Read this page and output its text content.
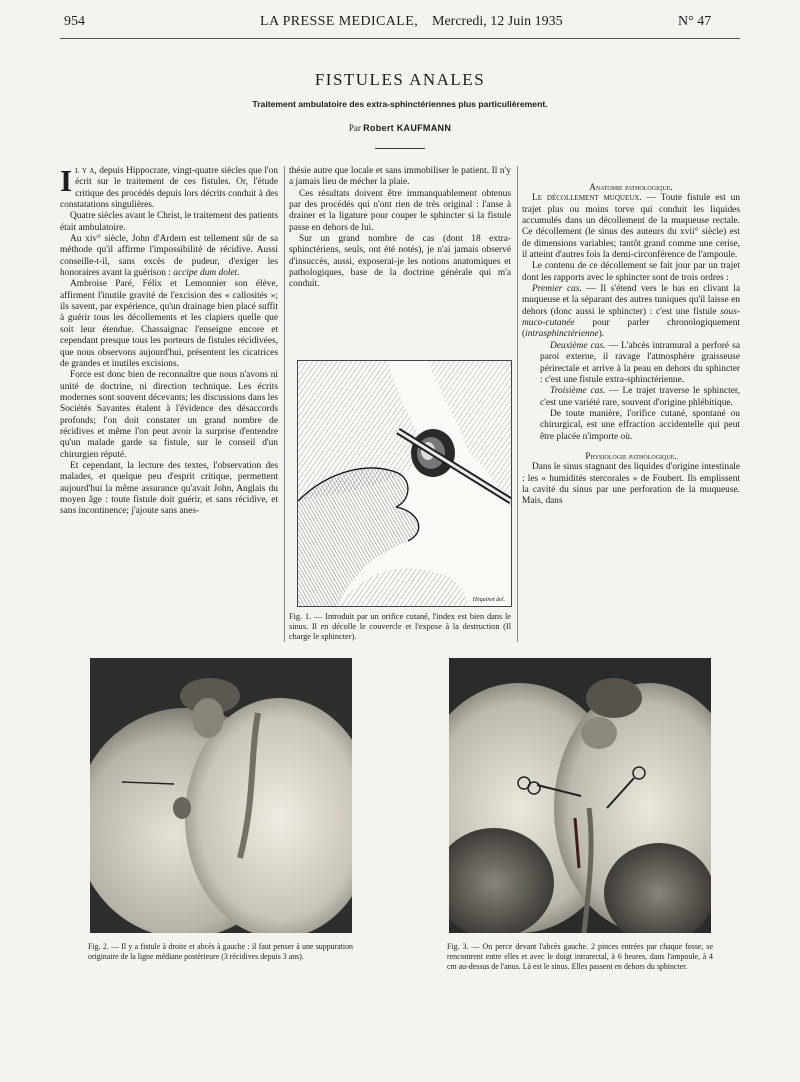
954	LA PRESSE MEDICALE, Mercredi, 12 Juin 1935	N° 47
FISTULES ANALES
Traitement ambulatoire des extra-sphinctériennes plus particulièrement.
Par Robert KAUFMANN

Il y a, depuis Hippocrate, vingt-quatre siècles que l'on écrit sur le traitement de ces fistules. Or, l'étude critique des procédés depuis lors décrits conduit à des constatations singulières.

Quatre siècles avant le Christ, le traitement des patients était ambulatoire.

Au xiv° siècle, John d'Ardern est tellement sûr de sa méthode qu'il affirme l'impossibilité de récidive. Aussi conseille-t-il, sans excès de pudeur, d'exiger les honoraires avant la guérison : accipe dum dolet.

Ambroise Paré, Félix et Lemonnier son élève, affirment l'inutile gravité de l'excision des « callosités »; ils savent, par expérience, qu'un drainage bien placé suffit à guérir tous les décollements et les clapiers quelle que soit leur étendue. Chassaignac l'enseigne encore et cependant presque tous les porteurs de fistules récidivées, que nous observons aujourd'hui, présentent les cicatrices de grandes et inutiles excisions.

Force est donc bien de reconnaître que nous n'avons ni unité de doctrine, ni direction technique. Les écrits modernes sont souvent décevants; les discussions dans les Sociétés Savantes étalent à l'évidence des désaccords profonds; l'on doit constater un grand nombre de récidives et même l'on peut avoir la surprise d'entendre qu'un malade garde sa fistule, sur le conseil d'un chirurgien réputé.

Et cependant, la lecture des textes, l'observation des malades, et quelque peu d'esprit critique, permettent aujourd'hui la même assurance qu'avait John, Anglais du moyen âge : toute fistule doit guérir, et sans récidive, et sans incontinence; j'ajoute sans anes-

thésie autre que locale et sans immobiliser le patient. Il n'y a jamais lieu de mécher la plaie.

Ces résultats doivent être immanquablement obtenus par des procédés qui n'ont rien de très original : l'anse à drainer et la ligature pour couper le sphincter si la fistule passe en dehors de lui.

Sur un grand nombre de cas (dont 18 extra-sphinctériens, seuls, ont été notés), je n'ai jamais observé d'insuccès, aussi, exposerai-je les notions anatomiques et pathologiques, base de la doctrine générale qui m'a conduit.

Hequinet del.
Fig. 1. — Introduit par un orifice cutané, l'index est bien dans le sinus. Il en décolle le couvercle et l'expose à la destruction (Il charge le sphincter).

Anatomie pathologique.

Le décollement muqueux. — Toute fistule est un trajet plus ou moins torve qui conduit les liquides accumulés dans un décollement de la muqueuse rectale. Ce décollement (le sinus des auteurs du xvii° siècle) est de dimensions variables; tantôt grand comme une cerise, il atteint d'autres fois la demi-circonférence de l'ampoule.

Le contenu de ce décollement se fait jour par un trajet dont les rapports avec le sphincter sont de trois ordres :

Premier cas. — Il s'étend vers le bas en clivant la muqueuse et la séparant des autres tuniques qu'il laisse en dehors (donc aussi le sphincter) : c'est une fistule sous-muco-cutanée pour parler chronologiquement (intrasphinctérienne).

Deuxième cas. — L'abcès intramural a perforé sa paroi externe, il ravage l'atmosphère graisseuse périrectale et arrive à la peau en dehors du sphincter : c'est une fistule extra-sphinctérienne.

Troisième cas. — Le trajet traverse le sphincter, c'est une variété rare, souvent d'origine phlébitique.

De toute manière, l'orifice cutané, spontané ou chirurgical, est une effraction accidentelle qui peut être placée n'importe où.

Physiologie pathologique.

Dans le sinus stagnant des liquides d'origine intestinale : les « humidités stercorales » de Foubert. Ils emplissent la cavité du sinus par une perforation de la muqueuse. Mais, dans

Fig. 2. — Il y a fistule à droite et abcès à gauche : il faut penser à une suppuration originaire de la ligne médiane postérieure (3 récidives depuis 3 ans).
Fig. 3. — On perce devant l'abcès gauche. 2 pinces entrées par chaque fosse, se rencontrent entre elles et avec le doigt intrarectal, à 6 heures, dans l'ampoule, à 4 cm au-dessus de l'anus. Là est le sinus. Elles passent en dehors du sphincter.
